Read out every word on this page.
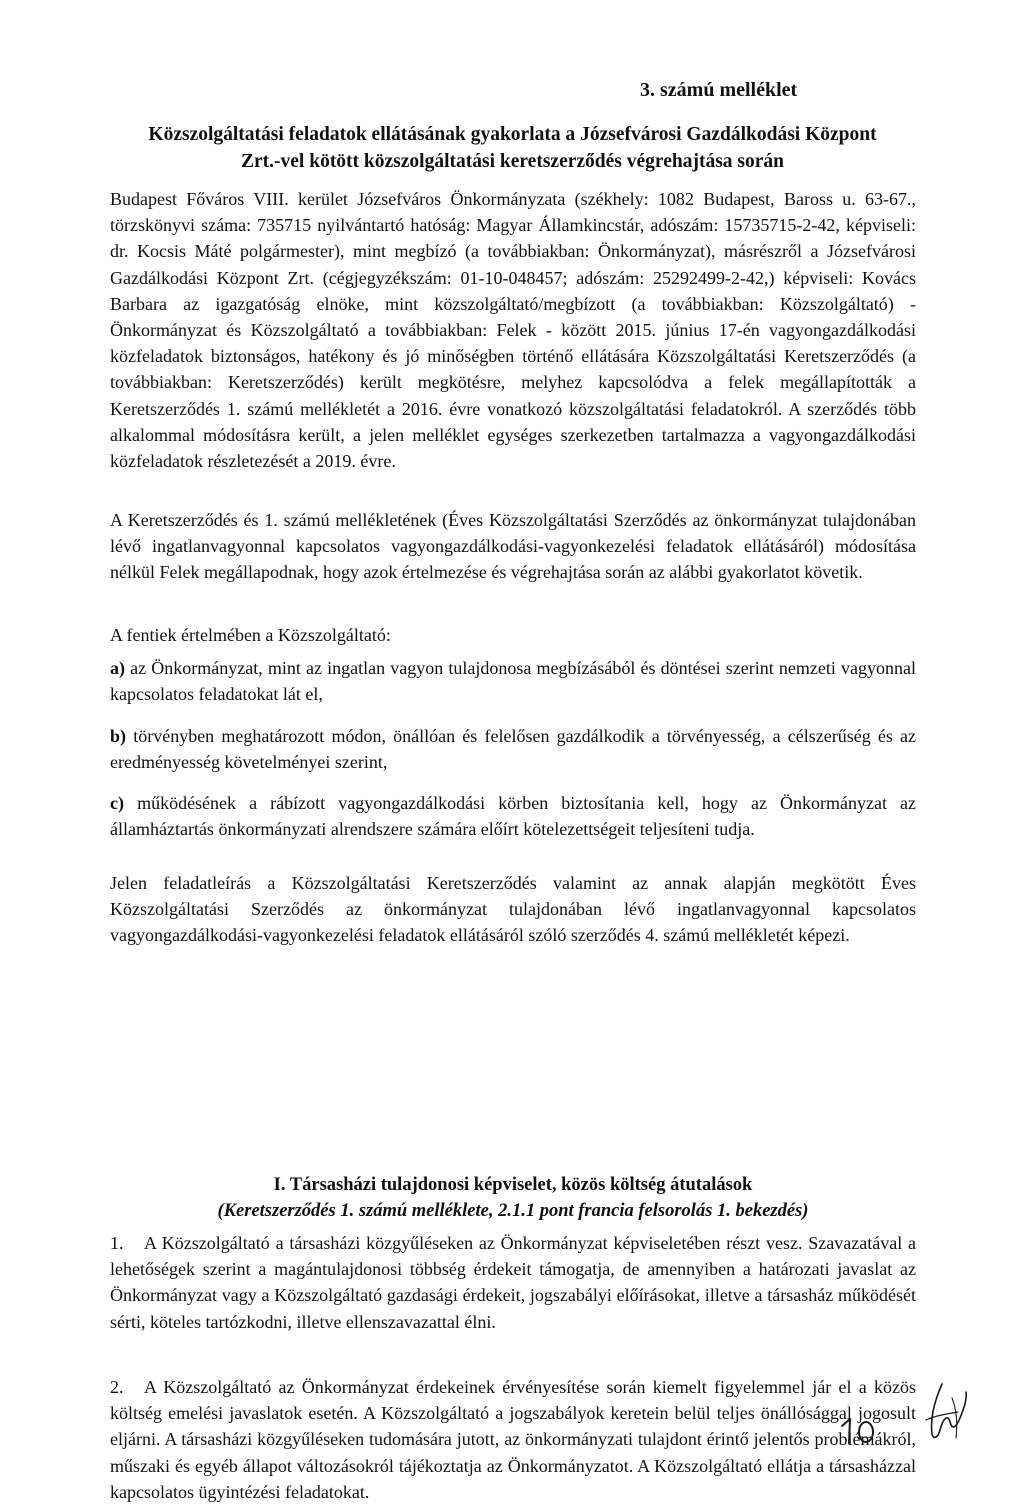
3. számú melléklet
Közszolgáltatási feladatok ellátásának gyakorlata a Józsefvárosi Gazdálkodási Központ
Zrt.-vel kötött közszolgáltatási keretszerződés végrehajtása során

Budapest Főváros VIII. kerület Józsefváros Önkormányzata (székhely: 1082 Budapest, Baross u. 63-67., törzskönyvi száma: 735715 nyilvántartó hatóság: Magyar Államkincstár, adószám: 15735715-2-42, képviseli: dr. Kocsis Máté polgármester), mint megbízó (a továbbiakban: Önkormányzat), másrészről a Józsefvárosi Gazdálkodási Központ Zrt. (cégjegyzékszám: 01-10-048457; adószám: 25292499-2-42,) képviseli: Kovács Barbara az igazgatóság elnöke, mint közszolgáltató/megbízott (a továbbiakban: Közszolgáltató) - Önkormányzat és Közszolgáltató a továbbiakban: Felek - között 2015. június 17-én vagyongazdálkodási közfeladatok biztonságos, hatékony és jó minőségben történő ellátására Közszolgáltatási Keretszerződés (a továbbiakban: Keretszerződés) került megkötésre, melyhez kapcsolódva a felek megállapították a Keretszerződés 1. számú mellékletét a 2016. évre vonatkozó közszolgáltatási feladatokról. A szerződés több alkalommal módosításra került, a jelen melléklet egységes szerkezetben tartalmazza a vagyongazdálkodási közfeladatok részletezését a 2019. évre.

A Keretszerződés és 1. számú mellékletének (Éves Közszolgáltatási Szerződés az önkormányzat tulajdonában lévő ingatlanvagyonnal kapcsolatos vagyongazdálkodási-vagyonkezelési feladatok ellátásáról) módosítása nélkül Felek megállapodnak, hogy azok értelmezése és végrehajtása során az alábbi gyakorlatot követik.

A fentiek értelmében a Közszolgáltató:

a) az Önkormányzat, mint az ingatlan vagyon tulajdonosa megbízásából és döntései szerint nemzeti vagyonnal kapcsolatos feladatokat lát el,

b) törvényben meghatározott módon, önállóan és felelősen gazdálkodik a törvényesség, a célszerűség és az eredményesség követelményei szerint,

c) működésének a rábízott vagyongazdálkodási körben biztosítania kell, hogy az Önkormányzat az államháztartás önkormányzati alrendszere számára előírt kötelezettségeit teljesíteni tudja.

Jelen feladatleírás a Közszolgáltatási Keretszerződés valamint az annak alapján megkötött Éves Közszolgáltatási Szerződés az önkormányzat tulajdonában lévő ingatlanvagyonnal kapcsolatos vagyongazdálkodási-vagyonkezelési feladatok ellátásáról szóló szerződés 4. számú mellékletét képezi.

I. Társasházi tulajdonosi képviselet, közös költség átutalások
(Keretszerződés 1. számú melléklete, 2.1.1 pont francia felsorolás 1. bekezdés)

1. A Közszolgáltató a társasházi közgyűléseken az Önkormányzat képviseletében részt vesz. Szavazatával a lehetőségek szerint a magántulajdonosi többség érdekeit támogatja, de amennyiben a határozati javaslat az Önkormányzat vagy a Közszolgáltató gazdasági érdekeit, jogszabályi előírásokat, illetve a társasház működését sérti, köteles tartózkodni, illetve ellenszavazattal élni.

2. A Közszolgáltató az Önkormányzat érdekeinek érvényesítése során kiemelt figyelemmel jár el a közös költség emelési javaslatok esetén. A Közszolgáltató a jogszabályok keretein belül teljes önállósággal jogosult eljárni. A társasházi közgyűléseken tudomására jutott, az önkormányzati tulajdont érintő jelentős problémákról, műszaki és egyéb állapot változásokról tájékoztatja az Önkormányzatot. A Közszolgáltató ellátja a társasházzal kapcsolatos ügyintézési feladatokat.
